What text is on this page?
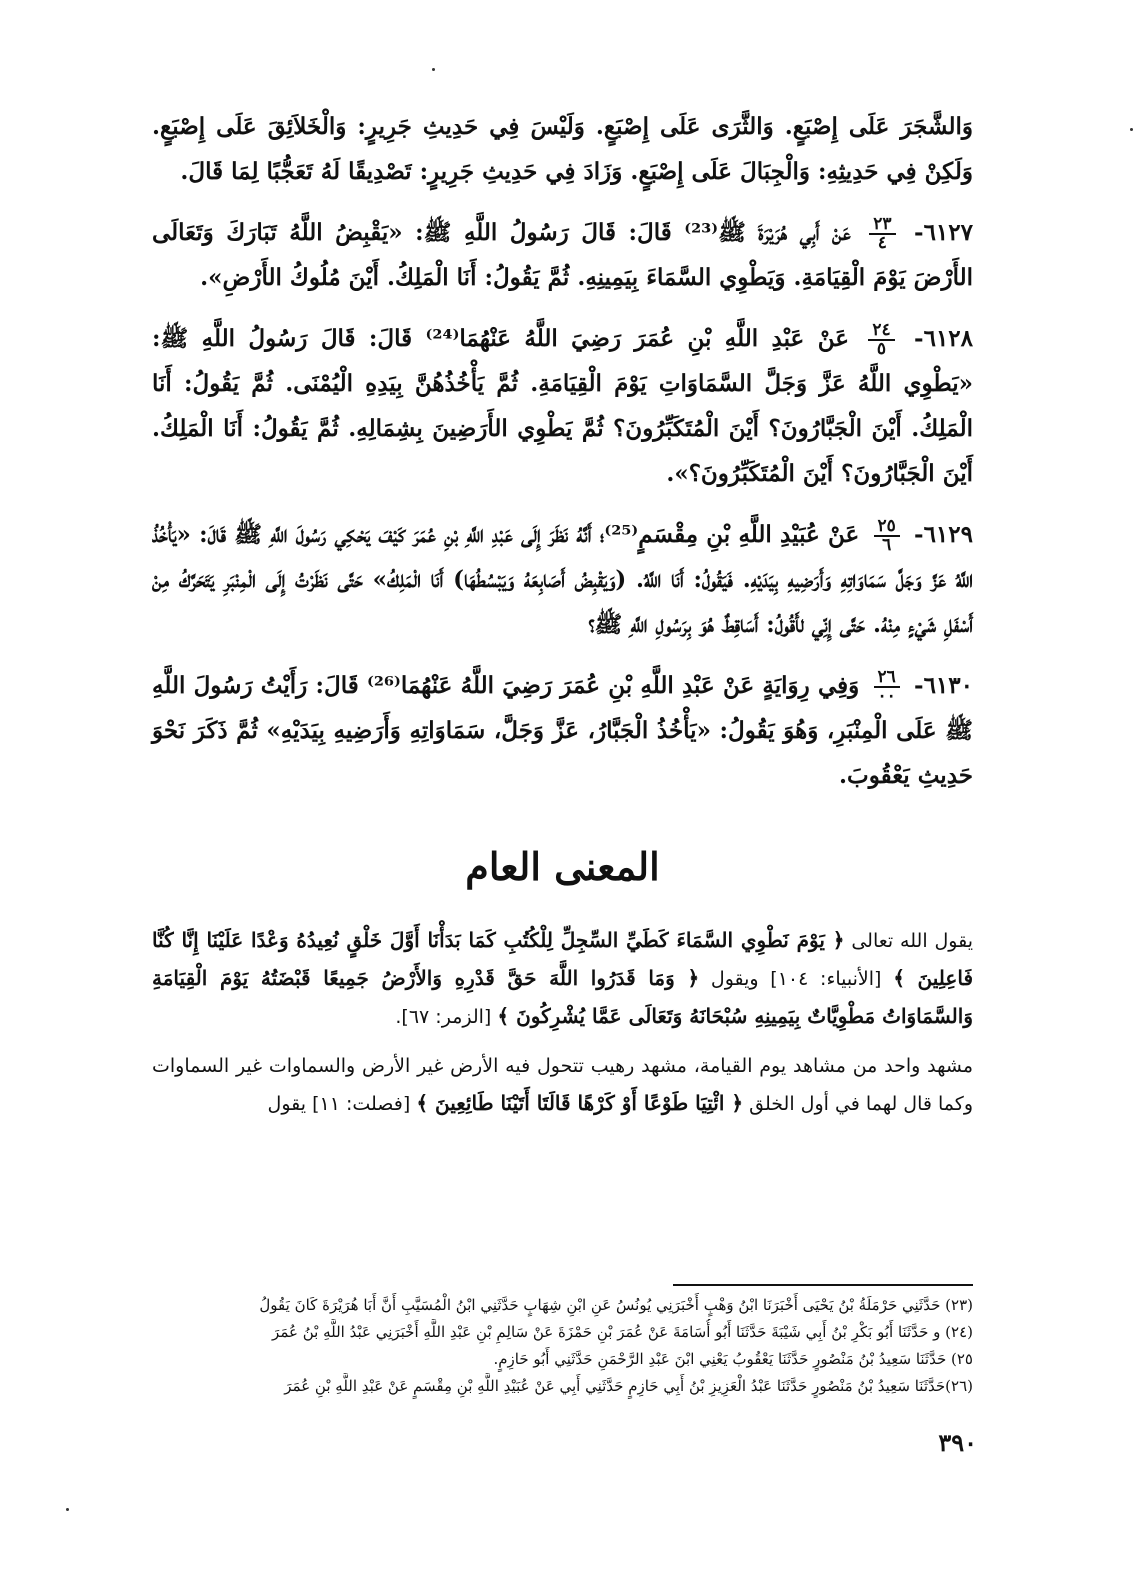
وَالشَّجَرَ عَلَى إِصْبَعٍ. وَالثَّرَى عَلَى إِصْبَعٍ. وَلَيْسَ فِي حَدِيثِ جَرِيرٍ: وَالْخَلاَئِقَ عَلَى إِصْبَعٍ. وَلَكِنْ فِي حَدِيثِهِ: وَالْجِبَالَ عَلَى إِصْبَعٍ. وَزَادَ فِي حَدِيثِ جَرِيرٍ: تَصْدِيقًا لَهُ تَعَجُّبًا لِمَا قَالَ.

٦١٢٧-
$\frac{٢٣}{٤}$
عَنْ أَبِي هُرَيْرَةَ ﷺ⁽²³⁾ قَالَ: قَالَ رَسُولُ اللَّهِ ﷺ: «يَقْبِضُ اللَّهُ تَبَارَكَ وَتَعَالَى الأَرْضَ يَوْمَ الْقِيَامَةِ. وَيَطْوِي السَّمَاءَ بِيَمِينِهِ. ثُمَّ يَقُولُ: أَنَا الْمَلِكُ. أَيْنَ مُلُوكُ الأَرْضِ».

٦١٢٨-
$\frac{٢٤}{٥}$
عَنْ عَبْدِ اللَّهِ بْنِ عُمَرَ رَضِيَ اللَّهُ عَنْهُمَا⁽²⁴⁾ قَالَ: قَالَ رَسُولُ اللَّهِ ﷺ: «يَطْوِي اللَّهُ عَزَّ وَجَلَّ السَّمَاوَاتِ يَوْمَ الْقِيَامَةِ. ثُمَّ يَأْخُذُهُنَّ بِيَدِهِ الْيُمْنَى. ثُمَّ يَقُولُ: أَنَا الْمَلِكُ. أَيْنَ الْجَبَّارُونَ؟ أَيْنَ الْمُتَكَبِّرُونَ؟ ثُمَّ يَطْوِي الأَرَضِينَ بِشِمَالِهِ. ثُمَّ يَقُولُ: أَنَا الْمَلِكُ. أَيْنَ الْجَبَّارُونَ؟ أَيْنَ الْمُتَكَبِّرُونَ؟».

٦١٢٩-
$\frac{٢٥}{٦}$
عَنْ عُبَيْدِ اللَّهِ بْنِ مِقْسَمٍ⁽²⁵⁾؛ أَنَّهُ نَظَرَ إِلَى عَبْدِ اللَّهِ بْنِ عُمَرَ كَيْفَ يَحْكِي رَسُولَ اللَّهِ ﷺ قَالَ: «يَأْخُذُ اللَّهُ عَزَّ وَجَلَّ سَمَاوَاتِهِ وَأَرَضِيهِ بِيَدَيْهِ. فَيَقُولُ: أَنَا اللَّهُ. (وَيَقْبِضُ أَصَابِعَهُ وَيَبْسُطُهَا) أَنَا الْمَلِكُ» حَتَّى نَظَرْتُ إِلَى الْمِنْبَرِ يَتَحَرَّكُ مِنْ أَسْفَلِ شَيْءٍ مِنْهُ. حَتَّى إِنِّي لأَقُولُ: أَسَاقِطٌ هُوَ بِرَسُولِ اللَّهِ ﷺ؟

٦١٣٠-
$\frac{٢٦}{٠٠}$
وَفِي رِوَايَةٍ عَنْ عَبْدِ اللَّهِ بْنِ عُمَرَ رَضِيَ اللَّهُ عَنْهُمَا⁽²⁶⁾ قَالَ: رَأَيْتُ رَسُولَ اللَّهِ ﷺ عَلَى الْمِنْبَرِ، وَهُوَ يَقُولُ: «يَأْخُذُ الْجَبَّارُ، عَزَّ وَجَلَّ، سَمَاوَاتِهِ وَأَرَضِيهِ بِيَدَيْهِ» ثُمَّ ذَكَرَ نَحْوَ حَدِيثِ يَعْقُوبَ.

المعنى العام

يقول الله تعالى ﴿ يَوْمَ نَطْوِي السَّمَاءَ كَطَيِّ السِّجِلِّ لِلْكُتُبِ كَمَا بَدَأْنَا أَوَّلَ خَلْقٍ نُعِيدُهُ وَعْدًا عَلَيْنَا إِنَّا كُنَّا فَاعِلِينَ ﴾ [الأنبياء: ١٠٤] ويقول ﴿ وَمَا قَدَرُوا اللَّهَ حَقَّ قَدْرِهِ وَالأَرْضُ جَمِيعًا قَبْضَتُهُ يَوْمَ الْقِيَامَةِ وَالسَّمَاوَاتُ مَطْوِيَّاتٌ بِيَمِينِهِ سُبْحَانَهُ وَتَعَالَى عَمَّا يُشْرِكُونَ ﴾ [الزمر: ٦٧].

مشهد واحد من مشاهد يوم القيامة، مشهد رهيب تتحول فيه الأرض غير الأرض والسماوات غير السماوات وكما قال لهما في أول الخلق ﴿ ائْتِيَا طَوْعًا أَوْ كَرْهًا قَالَتَا أَتَيْنَا طَائِعِينَ ﴾ [فصلت: ١١] يقول

(٢٣) حَدَّثَنِي حَرْمَلَةُ بْنُ يَحْيَى أَخْبَرَنَا ابْنُ وَهْبٍ أَخْبَرَنِي يُونُسُ عَنِ ابْنِ شِهَابٍ حَدَّثَنِي ابْنُ الْمُسَيَّبِ أَنَّ أَبَا هُرَيْرَةَ كَانَ يَقُولُ
(٢٤) و حَدَّثَنَا أَبُو بَكْرِ بْنُ أَبِي شَيْبَةَ حَدَّثَنَا أَبُو أُسَامَةَ عَنْ عُمَرَ بْنِ حَمْزَةَ عَنْ سَالِمِ بْنِ عَبْدِ اللَّهِ أَخْبَرَنِي عَبْدُ اللَّهِ بْنُ عُمَرَ
٢٥) حَدَّثَنَا سَعِيدُ بْنُ مَنْصُورٍ حَدَّثَنَا يَعْقُوبُ يَعْنِي ابْنَ عَبْدِ الرَّحْمَنِ حَدَّثَنِي أَبُو حَازِمٍ.
(٢٦)حَدَّثَنَا سَعِيدُ بْنُ مَنْصُورٍ حَدَّثَنَا عَبْدُ الْعَزِيزِ بْنُ أَبِي حَازِمٍ حَدَّثَنِي أَبِي عَنْ عُبَيْدِ اللَّهِ بْنِ مِقْسَمٍ عَنْ عَبْدِ اللَّهِ بْنِ عُمَرَ
٣٩٠
